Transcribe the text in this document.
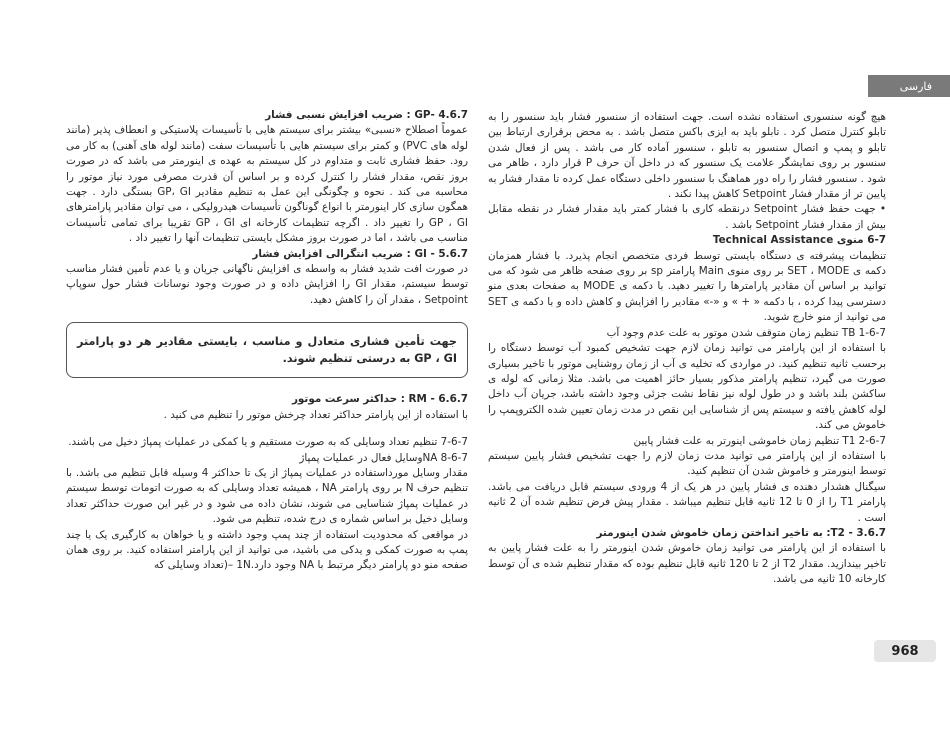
فارسی

هیچ گونه سنسوری استفاده نشده است. جهت استفاده از سنسور فشار باید سنسور را به تابلو کنترل متصل کرد . تابلو باید به ایزی باکس متصل باشد . به محض برقراری ارتباط بین تابلو و پمپ و اتصال سنسور به تابلو ، سنسور آماده کار می باشد . پس از فعال شدن سنسور بر روی نمایشگر علامت یک سنسور که در داخل آن حرف P قرار دارد ، ظاهر می شود . سنسور فشار را راه دور هماهنگ با سنسور داخلی دستگاه عمل کرده تا مقدار فشار به پایین تر از مقدار فشار Setpoint کاهش پیدا نکند .

• جهت حفظ فشار Setpoint درنقطه کاری با فشار کمتر باید مقدار فشار در نقطه مقابل بیش از مقدار فشار Setpoint باشد .

6-7 منوی Technical Assistance

تنظیمات پیشرفته ی دستگاه بایستی توسط فردی متخصص انجام پذیرد. با فشار همزمان دکمه ی SET ، MODE بر روی منوی Main پارامتر sp بر روی صفحه ظاهر می شود که می توانید بر اساس آن مقادیر پارامترها را تغییر دهید. با دکمه ی MODE به صفحات بعدی منو دسترسی پیدا کرده ، با دکمه « + » و «-» مقادیر را افزایش و کاهش داده و با دکمه ی SET می توانید از منو خارج شوید.

TB 1-6-7 تنظیم زمان متوقف شدن موتور به علت عدم وجود آب

با استفاده از این پارامتر می توانید زمان لازم جهت تشخیص کمبود آب توسط دستگاه را برحسب ثانیه تنظیم کنید. در مواردی که تخلیه ی آب از زمان روشنایی موتور با تاخیر بسیاری صورت می گیرد، تنظیم پارامتر مذکور بسیار حائز اهمیت می باشد. مثلا زمانی که لوله ی ساکشن بلند باشد و در طول لوله نیز نقاط نشت جزئی وجود داشته باشد، جریان آب داخل لوله کاهش یافته و سیستم پس از شناسایی این نقص در مدت زمان تعیین شده الکتروپمپ را خاموش می کند.

T1 2-6-7 تنظیم زمان خاموشی اینورتر به علت فشار پایین

با استفاده از این پارامتر می توانید مدت زمان لازم را جهت تشخیص فشار پایین سیستم توسط اینورمتر و خاموش شدن آن تنظیم کنید.

سیگنال هشدار دهنده ی فشار پایین در هر یک از 4 ورودی سیستم قابل دریافت می باشد. پارامتر T1 را از 0 تا 12 ثانیه قابل تنظیم میباشد . مقدار پیش فرض تنظیم شده آن 2 ثانیه است .

3.6.7 - T2: به تاخیر انداختن زمان خاموش شدن اینورمتر

با استفاده از این پارامتر می توانید زمان خاموش شدن اینورمتر را به علت فشار پایین به تاخیر بیندازید. مقدار T2 از 2 تا 120 ثانیه قابل تنظیم بوده که مقدار تنظیم شده ی آن توسط کارخانه 10 ثانیه می باشد.

4.6.7 -GP : ضریب افزایش نسبی فشار

عموماً اصطلاح «نسبی» بیشتر برای سیستم هایی با تأسیسات پلاستیکی و انعطاف پذیر (مانند لوله های PVC) و کمتر برای سیستم هایی با تأسیسات سفت (مانند لوله های آهنی) به کار می رود. حفظ فشاری ثابت و متداوم در کل سیستم به عهده ی اینورمتر می باشد که در صورت بروز نقص، مقدار فشار را کنترل کرده و بر اساس آن قدرت مصرفی مورد نیاز موتور را محاسبه می کند . نحوه و چگونگی این عمل به تنظیم مقادیر GP، GI بستگی دارد . جهت همگون سازی کار اینورمتر با انواع گوناگون تأسیسات هیدرولیکی ، می توان مقادیر پارامترهای GP ، GI را تغییر داد . اگرچه تنظیمات کارخانه ای GP ، GI تقریبا برای تمامی تأسیسات مناسب می باشد ، اما در صورت بروز مشکل بایستی تنظیمات آنها را تغییر داد .

5.6.7 - GI : ضریب انتگرالی افزایش فشار

در صورت افت شدید فشار به واسطه ی افزایش ناگهانی جریان و یا عدم تأمین فشار مناسب توسط سیستم، مقدار GI را افزایش داده و در صورت وجود نوسانات فشار حول سوپاپ Setpoint ، مقدار آن را کاهش دهید.

جهت تأمین فشاری متعادل و مناسب ، بایستی مقادیر هر دو پارامتر GP ، GI به درستی تنظیم شوند.

6.6.7 - RM : حداکثر سرعت موتور

با استفاده از این پارامتر حداکثر تعداد چرخش موتور را تنظیم می کنید .

7-6-7 تنظیم تعداد وسایلی که به صورت مستقیم و یا کمکی در عملیات پمپاژ دخیل می باشند.

NA 8-6-7وسایل فعال در عملیات پمپاژ

مقدار وسایل مورداستفاده در عملیات پمپاژ از یک تا حداکثر 4 وسیله قابل تنظیم می باشد. با تنظیم حرف N بر روی پارامتر NA ، همیشه تعداد وسایلی که به صورت اتومات توسط سیستم در عملیات پمپاژ شناسایی می شوند، نشان داده می شود و در غیر این صورت حداکثر تعداد وسایل دخیل بر اساس شماره ی درج شده، تنظیم می شود.

در مواقعی که محدودیت استفاده از چند پمپ وجود داشته و یا خواهان به کارگیری یک یا چند پمپ به صورت کمکی و یدکی می باشید، می توانید از این پارامتر استفاده کنید. بر روی همان صفحه منو دو پارامتر دیگر مرتبط با NA وجود دارد.1N –(تعداد وسایلی که

968
